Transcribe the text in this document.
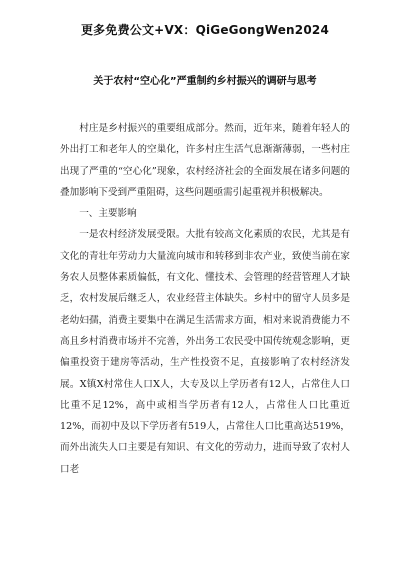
更多免费公文+VX：QiGeGongWen2024
关于农村“空心化”严重制约乡村振兴的调研与思考

村庄是乡村振兴的重要组成部分。然而，近年来，随着年轻人的外出打工和老年人的空巢化，许多村庄生活气息渐渐薄弱，一些村庄出现了严重的“空心化”现象，农村经济社会的全面发展在诸多问题的叠加影响下受到严重阻碍，这些问题亟需引起重视并积极解决。

一、主要影响

一是农村经济发展受限。大批有较高文化素质的农民，尤其是有文化的青壮年劳动力大量流向城市和转移到非农产业，致使当前在家务农人员整体素质偏低，有文化、懂技术、会管理的经营管理人才缺乏，农村发展后继乏人，农业经营主体缺失。乡村中的留守人员多是老幼妇孺，消费主要集中在满足生活需求方面，相对来说消费能力不高且乡村消费市场并不完善，外出务工农民受中国传统观念影响，更偏重投资于建房等活动，生产性投资不足，直接影响了农村经济发展。X镇X村常住人口X人，大专及以上学历者有12人，占常住人口比重不足12%，高中或相当学历者有12人，占常住人口比重近12%，而初中及以下学历者有519人，占常住人口比重高达519%，而外出流失人口主要是有知识、有文化的劳动力，进而导致了农村人口老
